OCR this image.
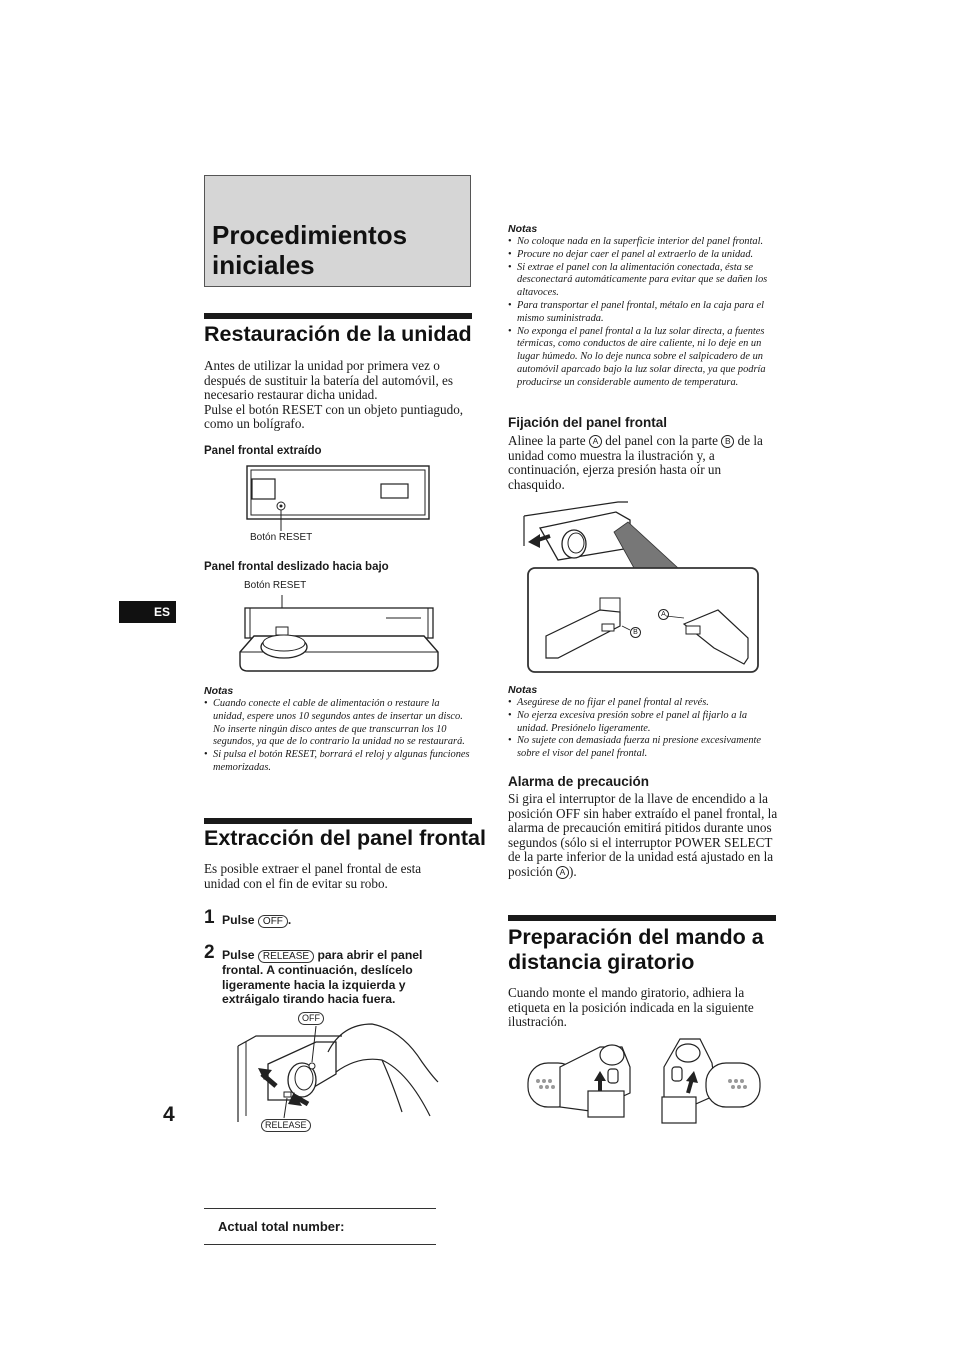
Procedimientos iniciales
ES
4
Restauración de la unidad
Antes de utilizar la unidad por primera vez o después de sustituir la batería del automóvil, es necesario restaurar dicha unidad.
Pulse el botón RESET con un objeto puntiagudo, como un bolígrafo.
Panel frontal extraído
Botón RESET
Panel frontal deslizado hacia bajo
Botón RESET
Notas
• Cuando conecte el cable de alimentación o restaure la unidad, espere unos 10 segundos antes de insertar un disco. No inserte ningún disco antes de que transcurran los 10 segundos, ya que de lo contrario la unidad no se restaurará.
• Si pulsa el botón RESET, borrará el reloj y algunas funciones memorizadas.
Extracción del panel frontal
Es posible extraer el panel frontal de esta unidad con el fin de evitar su robo.
1 Pulse OFF .
2 Pulse RELEASE para abrir el panel frontal. A continuación, deslícelo ligeramente hacia la izquierda y extráigalo tirando hacia fuera.
OFF
RELEASE
Actual total number:
Notas
• No coloque nada en la superficie interior del panel frontal.
• Procure no dejar caer el panel al extraerlo de la unidad.
• Si extrae el panel con la alimentación conectada, ésta se desconectará automáticamente para evitar que se dañen los altavoces.
• Para transportar el panel frontal, métalo en la caja para el mismo suministrada.
• No exponga el panel frontal a la luz solar directa, a fuentes térmicas, como conductos de aire caliente, ni lo deje en un lugar húmedo. No lo deje nunca sobre el salpicadero de un automóvil aparcado bajo la luz solar directa, ya que podría producirse un considerable aumento de temperatura.
Fijación del panel frontal
Alinee la parte A del panel con la parte B de la unidad como muestra la ilustración y, a continuación, ejerza presión hasta oír un chasquido.
A
B
Notas
• Asegúrese de no fijar el panel frontal al revés.
• No ejerza excesiva presión sobre el panel al fijarlo a la unidad. Presiónelo ligeramente.
• No sujete con demasiada fuerza ni presione excesivamente sobre el visor del panel frontal.
Alarma de precaución
Si gira el interruptor de la llave de encendido a la posición OFF sin haber extraído el panel frontal, la alarma de precaución emitirá pitidos durante unos segundos (sólo si el interruptor POWER SELECT de la parte inferior de la unidad está ajustado en la posición A ).
Preparación del mando a distancia giratorio
Cuando monte el mando giratorio, adhiera la etiqueta en la posición indicada en la siguiente ilustración.
